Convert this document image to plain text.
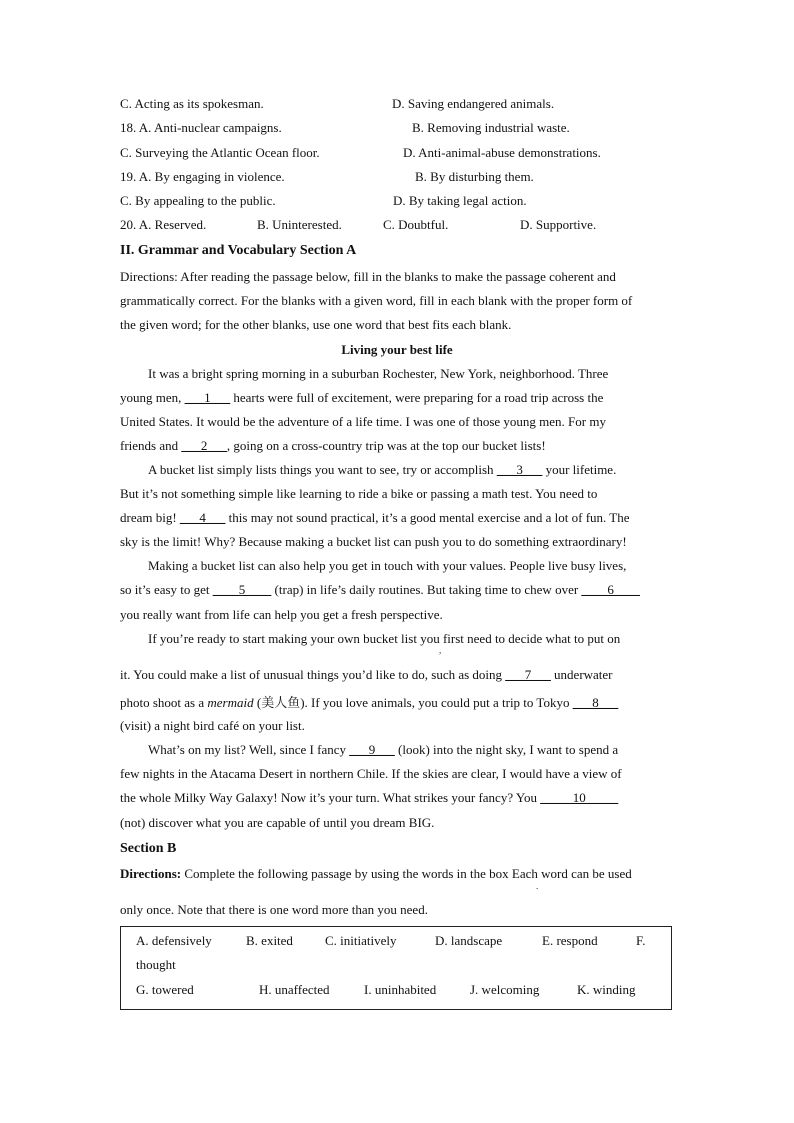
C. Acting as its spokesman.	D. Saving endangered animals.
18. A. Anti-nuclear campaigns.	B. Removing industrial waste.
C. Surveying the Atlantic Ocean floor.	D. Anti-animal-abuse demonstrations.
19. A. By engaging in violence.	B. By disturbing them.
C. By appealing to the public.	D. By taking legal action.
20. A. Reserved.	B. Uninterested.	C. Doubtful.	D. Supportive.
II. Grammar and Vocabulary Section A
Directions: After reading the passage below, fill in the blanks to make the passage coherent and
grammatically correct. For the blanks with a given word, fill in each blank with the proper form of
the given word; for the other blanks, use one word that best fits each blank.
Living your best life
It was a bright spring morning in a suburban Rochester, New York, neighborhood. Three
young men, ___1___ hearts were full of excitement, were preparing for a road trip across the
United States. It would be the adventure of a life time. I was one of those young men. For my
friends and ___2___, going on a cross-country trip was at the top our bucket lists!
A bucket list simply lists things you want to see, try or accomplish ___3___ your lifetime.
But it’s not something simple like learning to ride a bike or passing a math test. You need to
dream big! ___4___ this may not sound practical, it’s a good mental exercise and a lot of fun. The
sky is the limit! Why? Because making a bucket list can push you to do something extraordinary!
Making a bucket list can also help you get in touch with your values. People live busy lives,
so it’s easy to get ____5____ (trap) in life’s daily routines. But taking time to chew over ____6____
you really want from life can help you get a fresh perspective.
If you’re ready to start making your own bucket list you first need to decide what to put on
,
it. You could make a list of unusual things you’d like to do, such as doing ___7___ underwater
photo shoot as a mermaid (美人鱼). If you love animals, you could put a trip to Tokyo ___8___
(visit) a night bird café on your list.
What’s on my list? Well, since I fancy ___9___ (look) into the night sky, I want to spend a
few nights in the Atacama Desert in northern Chile. If the skies are clear, I would have a view of
the whole Milky Way Galaxy! Now it’s your turn. What strikes your fancy? You _____10_____
(not) discover what you are capable of until you dream BIG.
Section B
Directions: Complete the following passage by using the words in the box Each word can be used
.
only once. Note that there is one word more than you need.
A. defensively	B. exited C. initiatively	D. landscape	E. respond	F.
thought
G. towered	H. unaffected	I. uninhabited	J. welcoming	K. winding
